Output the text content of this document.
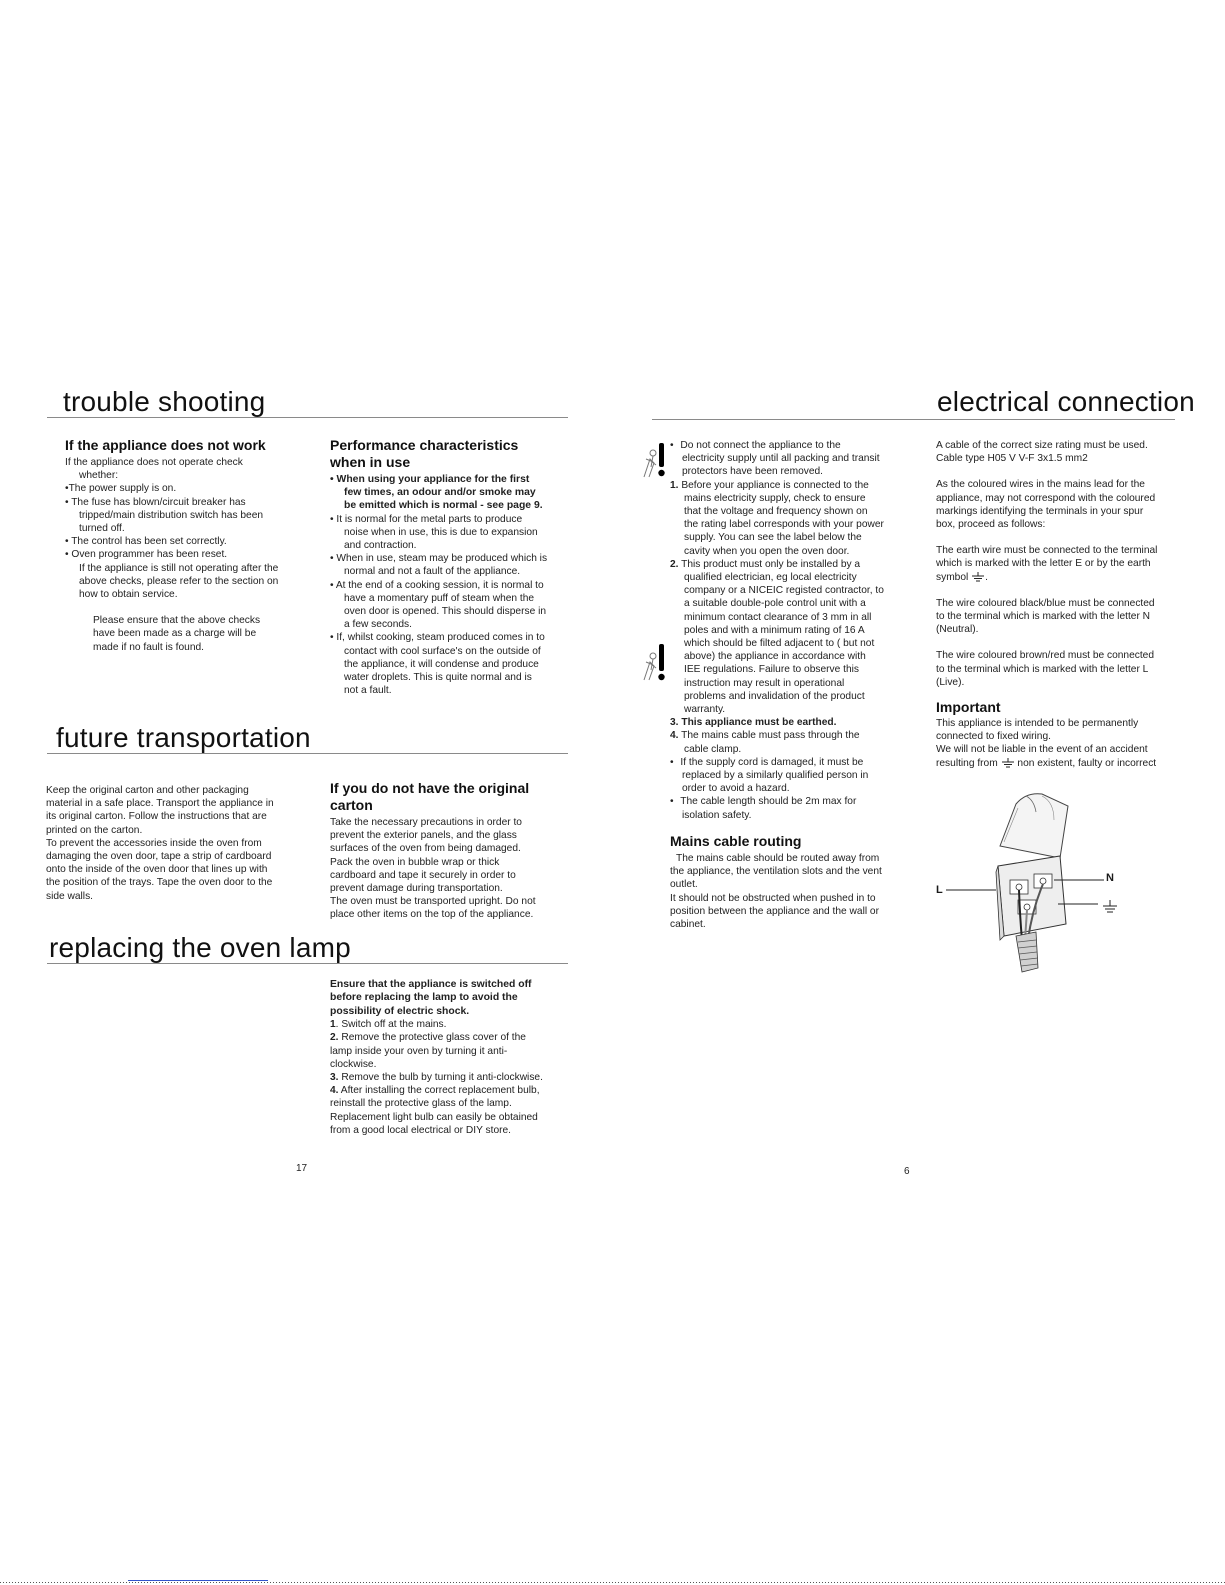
trouble shooting
If the appliance does not work

If the appliance does not operate check

whether:

•The power supply is on.

• The fuse has blown/circuit breaker has tripped/main distribution switch has been turned off.

• The control has been set correctly.

• Oven programmer has been reset.

If the appliance is still not operating after the above checks, please refer to the section on how to obtain service.

Please ensure that the above checks have been made as a charge will be made if no fault is found.

Performance characteristics when in use

• When using your appliance for the first few times, an odour and/or smoke may be emitted which is normal - see page 9.

• It is normal for the metal parts to produce noise when in use, this is due to expansion and contraction.

• When in use, steam may be produced which is normal and not a fault of the appliance.

• At the end of a cooking session, it is normal to have a momentary puff of steam when the oven door is opened. This should disperse in a few seconds.

• If, whilst cooking, steam produced comes in to contact with cool surface's on the outside of the appliance, it will condense and produce water droplets. This is quite normal and is not a fault.

future transportation

Keep the original carton and other packaging material in a safe place. Transport the appliance in its original carton. Follow the instructions that are printed on the carton.

To prevent the accessories inside the oven from damaging the oven door, tape a strip of cardboard onto the inside of the oven door that lines up with the position of the trays. Tape the oven door to the side walls.

If you do not have the original carton

Take the necessary precautions in order to prevent the exterior panels, and the glass surfaces of the oven from being damaged. Pack the oven in bubble wrap or thick cardboard and tape it securely in order to prevent damage during transportation.

The oven must be transported upright. Do not place other items on the top of the appliance.

replacing the oven lamp

Ensure that the appliance is switched off before replacing the lamp to avoid the possibility of electric shock.

1. Switch off at the mains.

2. Remove the protective glass cover of the lamp inside your oven by turning it anti-clockwise.

3. Remove the bulb by turning it anti-clockwise.

4. After installing the correct replacement bulb, reinstall the protective glass of the lamp.

Replacement light bulb can easily be obtained from a good local electrical or DIY store.

17
electrical connection
• Do not connect the appliance to the electricity supply until all packing and transit protectors have been removed.
1. Before your appliance is connected to the mains electricity supply, check to ensure that the voltage and frequency shown on the rating label corresponds with your power supply. You can see the label below the cavity when you open the oven door.
2. This product must only be installed by a qualified electrician, eg local electricity company or a NICEIC registed contractor, to a suitable double-pole control unit with a minimum contact clearance of 3 mm in all poles and with a minimum rating of 16 A which should be filted adjacent to ( but not above) the appliance in accordance with IEE regulations. Failure to observe this instruction may result in operational problems and invalidation of the product warranty.
3. This appliance must be earthed.
4. The mains cable must pass through the cable clamp.
• If the supply cord is damaged, it must be replaced by a similarly qualified person in order to avoid a hazard.
• The cable length should be 2m max for isolation safety.
Mains cable routing

The mains cable should be routed away from the appliance, the ventilation slots and the vent outlet.

It should not be obstructed when pushed in to position between the appliance and the wall or cabinet.

A cable of the correct size rating must be used.

Cable type H05 V V-F 3x1.5 mm2

As the coloured wires in the mains lead for the appliance, may not correspond with the coloured markings identifying the terminals in your spur box, proceed as follows:

The earth wire must be connected to the terminal which is marked with the letter E or by the earth symbol .

The wire coloured black/blue must be connected to the terminal which is marked with the letter N (Neutral).

The wire coloured brown/red must be connected to the terminal which is marked with the letter L (Live).

Important

This appliance is intended to be permanently connected to fixed wiring.

We will not be liable in the event of an accident resulting from non existent, faulty or incorrect

L
N
6
